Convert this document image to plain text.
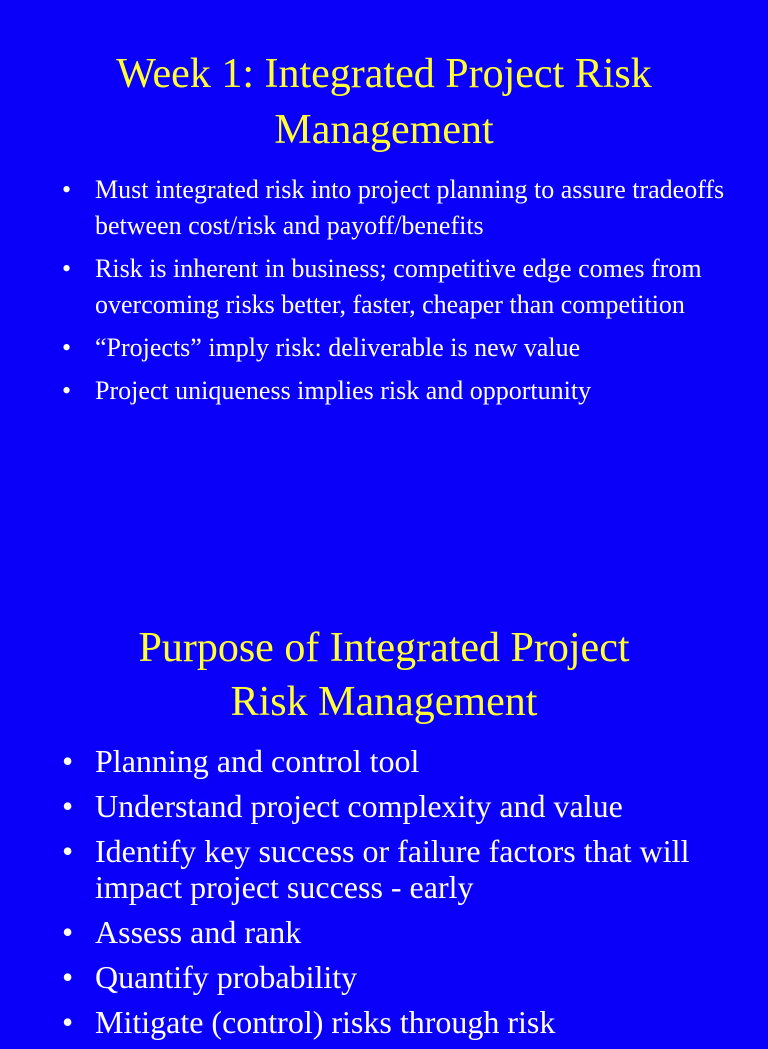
Week 1: Integrated Project Risk
Management
• Must integrated risk into project planning to assure tradeoffs between cost/risk and payoff/benefits
• Risk is inherent in business; competitive edge comes from overcoming risks better, faster, cheaper than competition
• “Projects” imply risk: deliverable is new value
• Project uniqueness implies risk and opportunity
Purpose of Integrated Project
Risk Management
• Planning and control tool
• Understand project complexity and value
• Identify key success or failure factors that will impact project success - early
• Assess and rank
• Quantify probability
• Mitigate (control) risks through risk
